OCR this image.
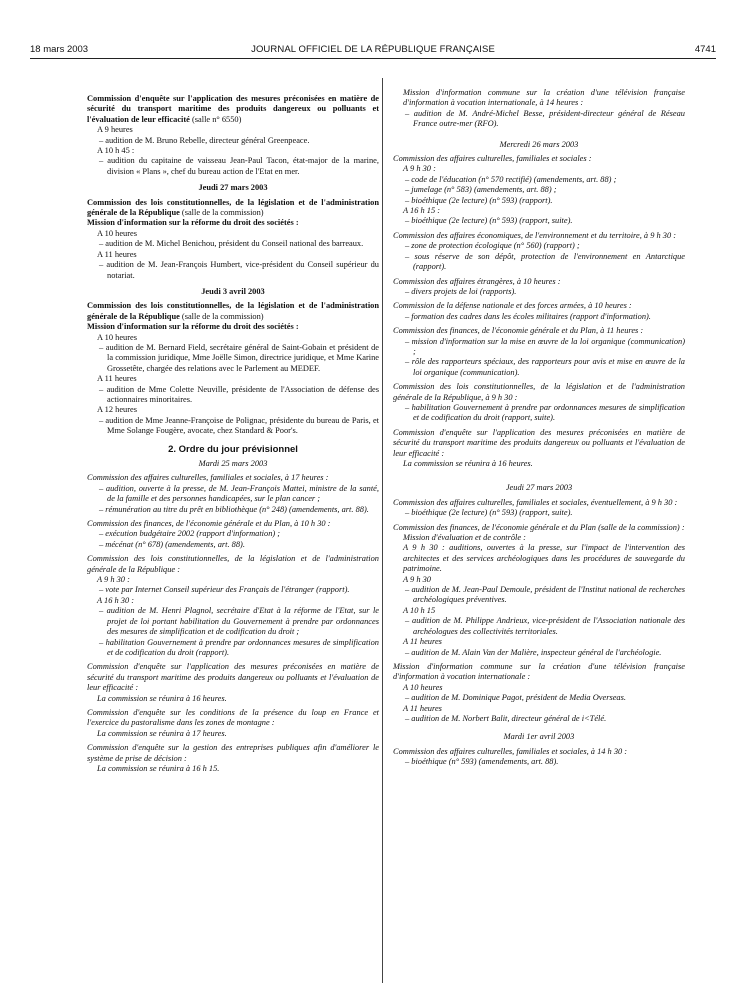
18 mars 2003	JOURNAL OFFICIEL DE LA RÉPUBLIQUE FRANÇAISE	4741

Commission d'enquête sur l'application des mesures préconisées en matière de sécurité du transport maritime des produits dangereux ou polluants et l'évaluation de leur efficacité (salle n° 6550)

A 9 heures

– audition de M. Bruno Rebelle, directeur général Greenpeace.

A 10 h 45 :

– audition du capitaine de vaisseau Jean-Paul Tacon, état-major de la marine, division « Plans », chef du bureau action de l'Etat en mer.

Jeudi 27 mars 2003

Commission des lois constitutionnelles, de la législation et de l'administration générale de la République (salle de la commission)

Mission d'information sur la réforme du droit des sociétés :

A 10 heures

– audition de M. Michel Benichou, président du Conseil national des barreaux.

A 11 heures

– audition de M. Jean-François Humbert, vice-président du Conseil supérieur du notariat.

Jeudi 3 avril 2003

Commission des lois constitutionnelles, de la législation et de l'administration générale de la République (salle de la commission)

Mission d'information sur la réforme du droit des sociétés :

A 10 heures

– audition de M. Bernard Field, secrétaire général de Saint-Gobain et président de la commission juridique, Mme Joëlle Simon, directrice juridique, et Mme Karine Grossetête, chargée des relations avec le Parlement au MEDEF.

A 11 heures

– audition de Mme Colette Neuville, présidente de l'Association de défense des actionnaires minoritaires.

A 12 heures

– audition de Mme Jeanne-Françoise de Polignac, présidente du bureau de Paris, et Mme Solange Fougère, avocate, chez Standard & Poor's.

2. Ordre du jour prévisionnel

Mardi 25 mars 2003

Commission des affaires culturelles, familiales et sociales, à 17 heures :

– audition, ouverte à la presse, de M. Jean-François Mattei, ministre de la santé, de la famille et des personnes handicapées, sur le plan cancer ;

– rémunération au titre du prêt en bibliothèque (n° 248) (amendements, art. 88).

Commission des finances, de l'économie générale et du Plan, à 10 h 30 :

– exécution budgétaire 2002 (rapport d'information) ;

– mécénat (n° 678) (amendements, art. 88).

Commission des lois constitutionnelles, de la législation et de l'administration générale de la République :

A 9 h 30 :

– vote par Internet Conseil supérieur des Français de l'étranger (rapport).

A 16 h 30 :

– audition de M. Henri Plagnol, secrétaire d'Etat à la réforme de l'Etat, sur le projet de loi portant habilitation du Gouvernement à prendre par ordonnances des mesures de simplification et de codification du droit ;

– habilitation Gouvernement à prendre par ordonnances mesures de simplification et de codification du droit (rapport).

Commission d'enquête sur l'application des mesures préconisées en matière de sécurité du transport maritime des produits dangereux ou polluants et l'évaluation de leur efficacité :

La commission se réunira à 16 heures.

Commission d'enquête sur les conditions de la présence du loup en France et l'exercice du pastoralisme dans les zones de montagne :

La commission se réunira à 17 heures.

Commission d'enquête sur la gestion des entreprises publiques afin d'améliorer le système de prise de décision :

La commission se réunira à 16 h 15.

Mission d'information commune sur la création d'une télévision française d'information à vocation internationale, à 14 heures :

– audition de M. André-Michel Besse, président-directeur général de Réseau France outre-mer (RFO).

Mercredi 26 mars 2003

Commission des affaires culturelles, familiales et sociales :

A 9 h 30 :

– code de l'éducation (n° 570 rectifié) (amendements, art. 88) ;

– jumelage (n° 583) (amendements, art. 88) ;

– bioéthique (2e lecture) (n° 593) (rapport).

A 16 h 15 :

– bioéthique (2e lecture) (n° 593) (rapport, suite).

Commission des affaires économiques, de l'environnement et du territoire, à 9 h 30 :

– zone de protection écologique (n° 560) (rapport) ;

– sous réserve de son dépôt, protection de l'environnement en Antarctique (rapport).

Commission des affaires étrangères, à 10 heures :

– divers projets de loi (rapports).

Commission de la défense nationale et des forces armées, à 10 heures :

– formation des cadres dans les écoles militaires (rapport d'information).

Commission des finances, de l'économie générale et du Plan, à 11 heures :

– mission d'information sur la mise en œuvre de la loi organique (communication) ;

– rôle des rapporteurs spéciaux, des rapporteurs pour avis et mise en œuvre de la loi organique (communication).

Commission des lois constitutionnelles, de la législation et de l'administration générale de la République, à 9 h 30 :

– habilitation Gouvernement à prendre par ordonnances mesures de simplification et de codification du droit (rapport, suite).

Commission d'enquête sur l'application des mesures préconisées en matière de sécurité du transport maritime des produits dangereux ou polluants et l'évaluation de leur efficacité :

La commission se réunira à 16 heures.

Jeudi 27 mars 2003

Commission des affaires culturelles, familiales et sociales, éventuellement, à 9 h 30 :

– bioéthique (2e lecture) (n° 593) (rapport, suite).

Commission des finances, de l'économie générale et du Plan (salle de la commission) :

Mission d'évaluation et de contrôle :

A 9 h 30 : auditions, ouvertes à la presse, sur l'impact de l'intervention des architectes et des services archéologiques dans les procédures de sauvegarde du patrimoine.

A 9 h 30

– audition de M. Jean-Paul Demoule, président de l'Institut national de recherches archéologiques préventives.

A 10 h 15

– audition de M. Philippe Andrieux, vice-président de l'Association nationale des archéologues des collectivités territoriales.

A 11 heures

– audition de M. Alain Van der Malière, inspecteur général de l'archéologie.

Mission d'information commune sur la création d'une télévision française d'information à vocation internationale :

A 10 heures

– audition de M. Dominique Pagot, président de Media Overseas.

A 11 heures

– audition de M. Norbert Balit, directeur général de i<Télé.

Mardi 1er avril 2003

Commission des affaires culturelles, familiales et sociales, à 14 h 30 :

– bioéthique (n° 593) (amendements, art. 88).
